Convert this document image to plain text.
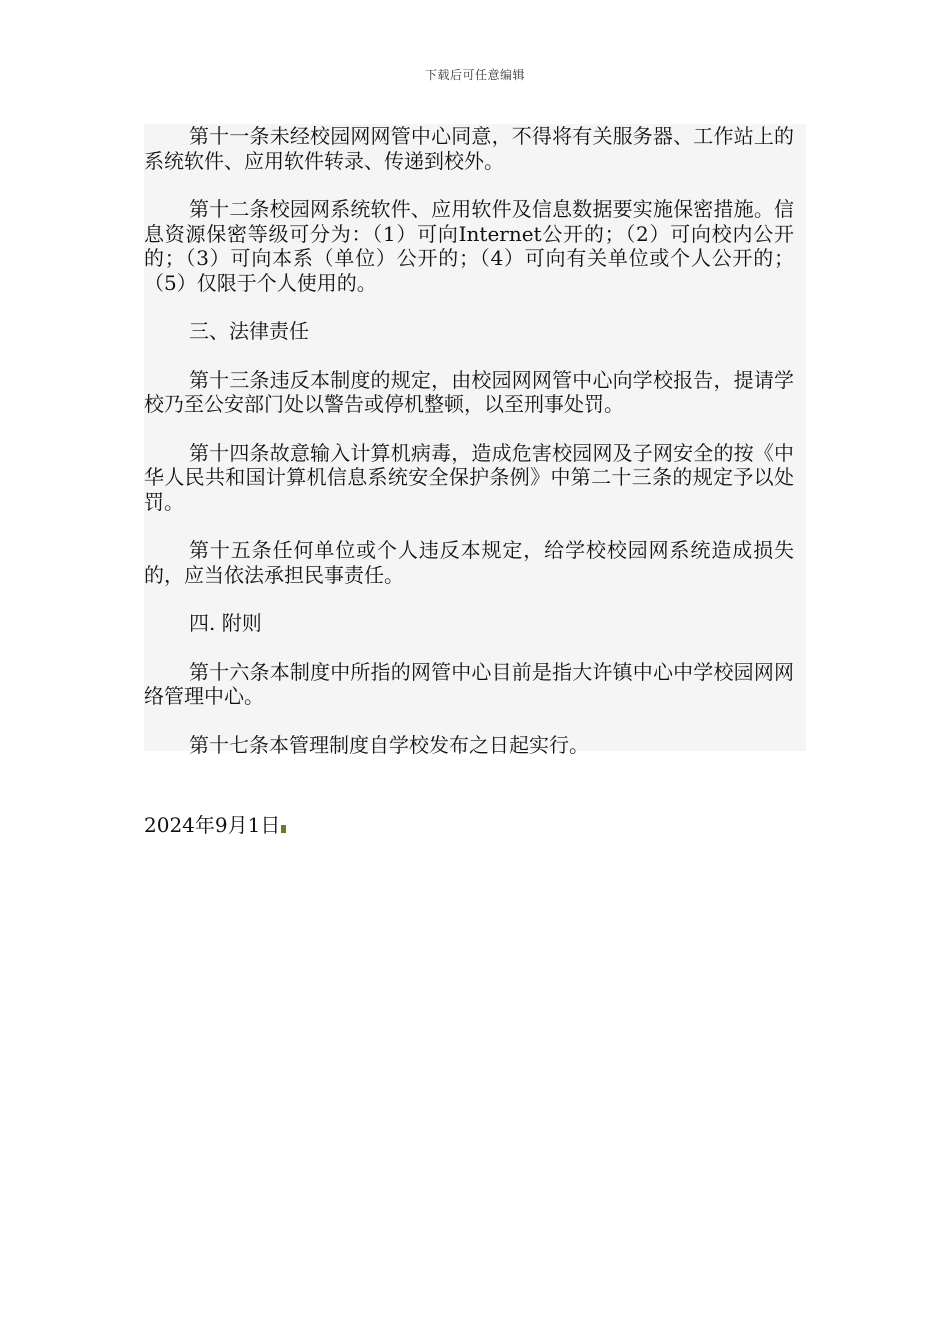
下载后可任意编辑

第十一条未经校园网网管中心同意，不得将有关服务器、工作站上的系统软件、应用软件转录、传递到校外。

第十二条校园网系统软件、应用软件及信息数据要实施保密措施。信息资源保密等级可分为：（1）可向Internet公开的；（2）可向校内公开的；（3）可向本系（单位）公开的；（4）可向有关单位或个人公开的；（5）仅限于个人使用的。

三、法律责任

第十三条违反本制度的规定，由校园网网管中心向学校报告，提请学校乃至公安部门处以警告或停机整顿，以至刑事处罚。

第十四条故意输入计算机病毒，造成危害校园网及子网安全的按《中华人民共和国计算机信息系统安全保护条例》中第二十三条的规定予以处罚。

第十五条任何单位或个人违反本规定，给学校校园网系统造成损失的，应当依法承担民事责任。

四. 附则

第十六条本制度中所指的网管中心目前是指大许镇中心中学校园网网络管理中心。

第十七条本管理制度自学校发布之日起实行。

2024年9月1日
